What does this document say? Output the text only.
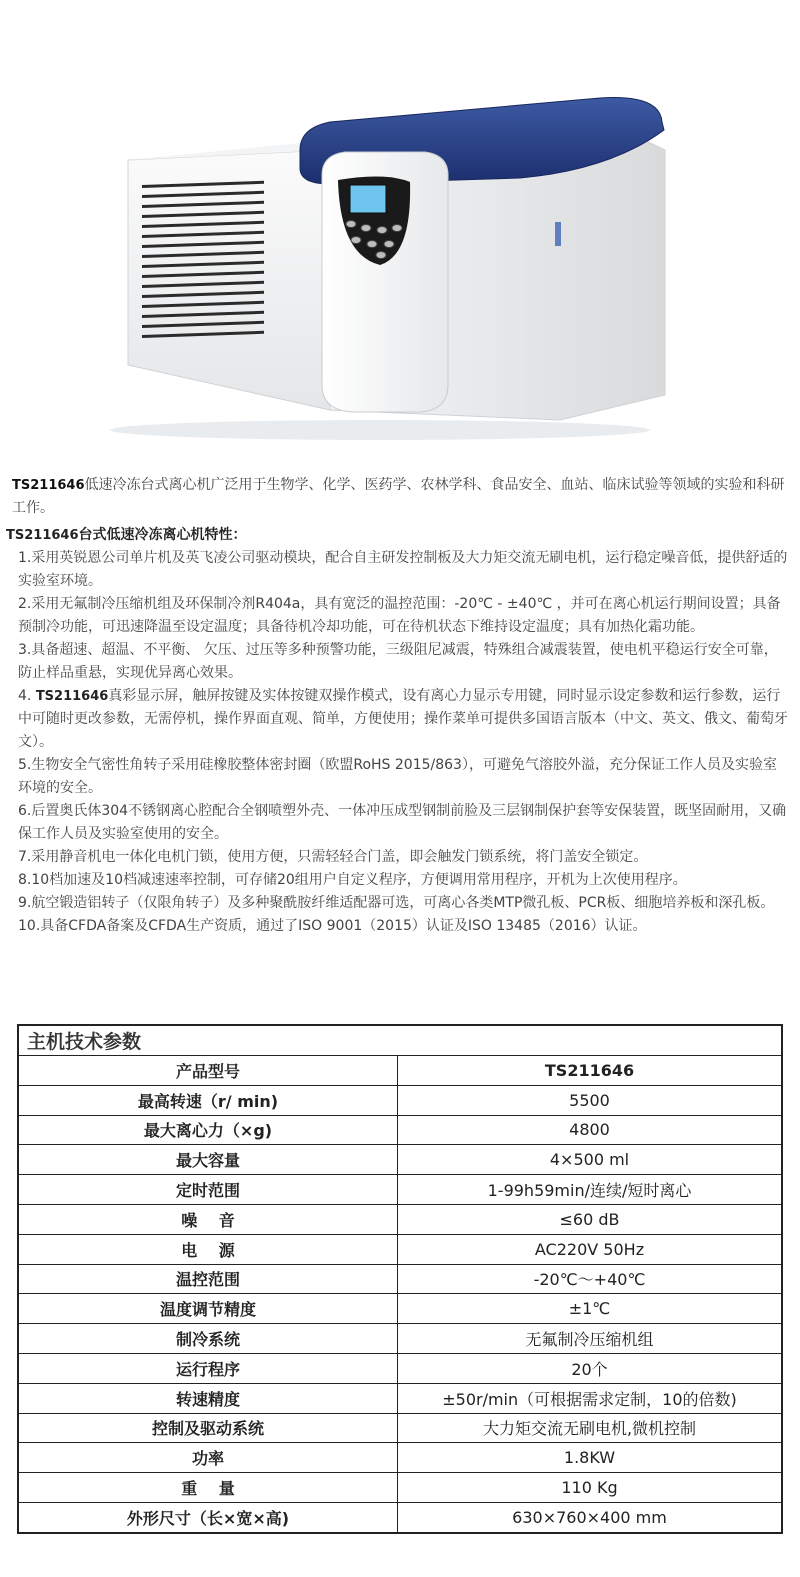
TS211646低速冷冻台式离心机广泛用于生物学、化学、医药学、农林学科、食品安全、血站、临床试验等领域的实验和科研工作。
TS211646台式低速冷冻离心机特性：
1.采用英锐恩公司单片机及英飞凌公司驱动模块，配合自主研发控制板及大力矩交流无刷电机，运行稳定噪音低，提供舒适的实验室环境。
2.采用无氟制冷压缩机组及环保制冷剂R404a，具有宽泛的温控范围：-20℃ - ±40℃ ，并可在离心机运行期间设置；具备预制冷功能，可迅速降温至设定温度；具备待机冷却功能，可在待机状态下维持设定温度；具有加热化霜功能。
3.具备超速、超温、不平衡、 欠压、过压等多种预警功能，三级阻尼减震，特殊组合减震装置，使电机平稳运行安全可靠，防止样品重悬，实现优异离心效果。
4. TS211646真彩显示屏，触屏按键及实体按键双操作模式，设有离心力显示专用键，同时显示设定参数和运行参数，运行中可随时更改参数，无需停机，操作界面直观、简单，方便使用；操作菜单可提供多国语言版本（中文、英文、俄文、葡萄牙文）。
5.生物安全气密性角转子采用硅橡胶整体密封圈（欧盟RoHS 2015/863），可避免气溶胶外溢，充分保证工作人员及实验室环境的安全。
6.后置奥氏体304不锈钢离心腔配合全钢喷塑外壳、一体冲压成型钢制前脸及三层钢制保护套等安保装置，既坚固耐用，又确保工作人员及实验室使用的安全。
7.采用静音机电一体化电机门锁，使用方便，只需轻轻合门盖，即会触发门锁系统，将门盖安全锁定。
8.10档加速及10档减速速率控制，可存储20组用户自定义程序，方便调用常用程序，开机为上次使用程序。
9.航空锻造铝转子（仅限角转子）及多种聚酰胺纤维适配器可选，可离心各类MTP微孔板、PCR板、细胞培养板和深孔板。
10.具备CFDA备案及CFDA生产资质，通过了ISO 9001（2015）认证及ISO 13485（2016）认证。
主机技术参数	
产品型号	TS211646
最高转速（r/ min)	5500
最大离心力（×g)	4800
最大容量	4×500 ml
定时范围	1-99h59min/连续/短时离心
噪　 音	≤60 dB
电　 源	AC220V 50Hz
温控范围	-20℃～+40℃
温度调节精度	±1℃
制冷系统	无氟制冷压缩机组
运行程序	20个
转速精度	±50r/min（可根据需求定制，10的倍数)
控制及驱动系统	大力矩交流无刷电机,微机控制
功率	1.8KW
重　 量	110 Kg
外形尺寸（长×宽×高)	630×760×400 mm
